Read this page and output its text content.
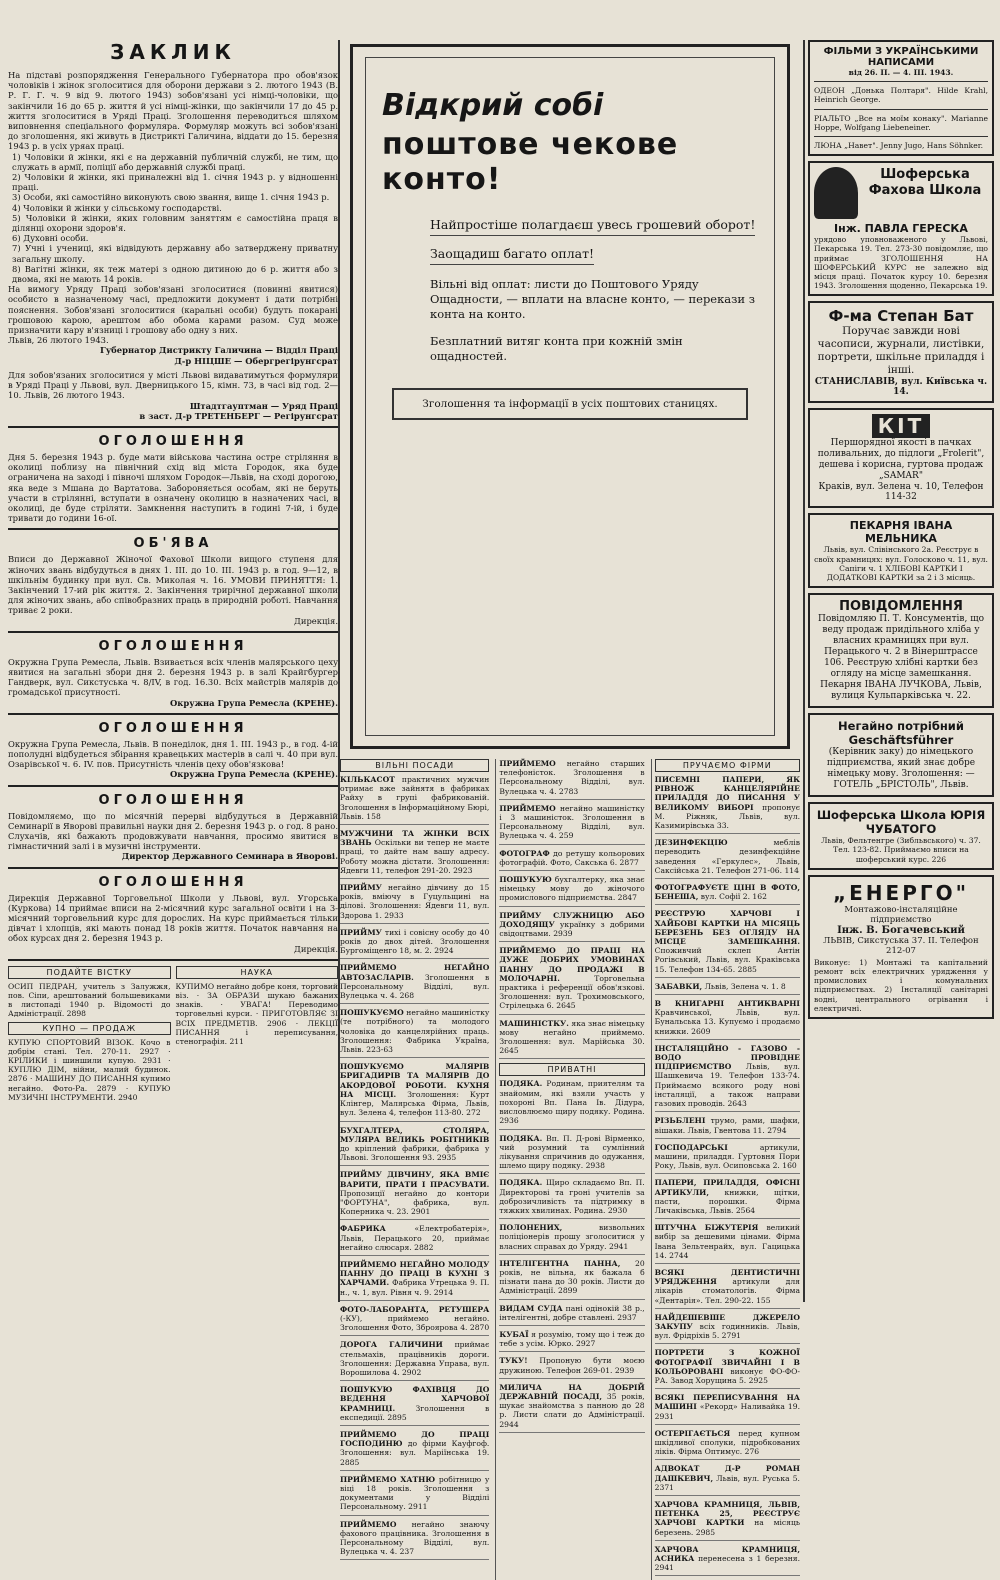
ЗАКЛИК

На підставі розпорядження Генерального Губернатора про обов'язок чоловіків і жінок зголоситися для оборони держави з 2. лютого 1943 (В. Р. Г. Г. ч. 9 від 9. лютого 1943) зобов'язані усі німці-чоловіки, що закінчили 16 до 65 р. життя й усі німці-жінки, що закінчили 17 до 45 р. життя зголоситися в Уряді Праці. Зголошення переводиться шляхом виповнення спеціального формуляра. Формуляр можуть всі зобов'язані до зголошення, які живуть в Дистрикті Галичина, віддати до 15. березня 1943 р. в усіх уряах праці.

1) Чоловіки й жінки, які є на державній публичній службі, не тим, що служать в армії, поліції або державній службі праці.

2) Чоловіки й жінки, які приналежні від 1. січня 1943 р. у відношенні праці.

3) Особи, які самостійно виконують свою звання, вище 1. січня 1943 р.

4) Чоловіки й жінки у сільському господарстві.

5) Чоловіки й жінки, яких головним заняттям є самостійна праця в ділянці охорони здоров'я.

6) Духовні особи.

7) Учні і учениці, які відвідують державну або затверджену приватну загальну школу.

8) Вагітні жінки, як теж матері з одною дитиною до 6 р. життя або з двома, які не мають 14 років.

На вимогу Уряду Праці зобов'язані зголоситися (повинні явитися) особисто в назначеному часі, предложити документ і дати потрібні пояснення. Зобов'язані зголоситися (каральні особи) будуть покарані грошовою карою, арештом або обома карами разом. Суд може призначити кару в'язниці і грошову або одну з них.

Львів, 26 лютого 1943.

Губернатор Дистрикту Галичина — Відділ Праці
Д-р НІЦШЕ — Обергрегірунгсрат

Для зобов'язаних зголоситися у місті Львові видаватимуться формуляри в Уряді Праці у Львові, вул. Дверницького 15, кімн. 73, в часі від год. 2—10. Львів, 26 лютого 1943.

Штадтгауптман — Уряд Праці
в заст. Д-р ТРЕТЕНБЕРГ — Регірунгсрат

ОГОЛОШЕННЯ

Дня 5. березня 1943 р. буде мати військова частина острe стріляння в околиці поблизу на північний схід від міста Городок, яка буде ограничена на заході і півночі шляхом Городок—Львів, на сході дорогою, яка веде з Мшана до Вартатова. Забороняється особам, які не беруть участи в стрілянні, вступати в означену околицю в назначених часі, в околиці, де буде стріляти. Замкнення наступить в годині 7-ій, і буде тривати до години 16-ої.

ОБ'ЯВА

Вписи до Державної Жіночої Фахової Школи вищого ступеня для жіночих звань відбудуться в днях 1. III. до 10. III. 1943 р. в год. 9—12, в шкільнім будинку при вул. Св. Миколая ч. 16. УМОВИ ПРИНЯТТЯ: 1. Закінчений 17-ий рік життя. 2. Закінчення трирічної державної школи для жіночих звань, або співобразних праць в природній роботі. Навчання триває 2 роки.

Дирекція.

ОГОЛОШЕННЯ

Окружна Група Ремесла, Львів. Взивається всіх членів малярського цеху явитися на загальні збори дня 2. березня 1943 р. в залі Крайгбургер Гандверк, вул. Сикстуська ч. 8/IV, в год. 16.30. Всіх майстрів малярів до громадської присутності.

Окружна Група Ремесла (КРЕНЕ).

ОГОЛОШЕННЯ

Окружна Група Ремесла, Львів. В понеділок, дня 1. III. 1943 р., в год. 4-ій пополудні відбудеться збірання кравецьких мастерів в салі ч. 40 при вул. Озарівської ч. 6. IV. пов. Присутність членів цеху обов'язкова!

Окружна Група Ремесла (КРЕНЕ).

ОГОЛОШЕННЯ

Повідомляємо, що по місячній перерві відбудуться в Державній Семинарії в Яворові правильні науки дня 2. березня 1943 р. о год. 8 рано. Слухачів, які бажають продовжувати навчання, просимо явитися в гімнастичний залі і в музичні інструменти.

Директор Державного Семинара в Яворові.

ОГОЛОШЕННЯ

Дирекція Державної Торговельної Школи у Львові, вул. Угорська (Курковa) 14 приймає вписи на 2-місячний курс загальної освіти і на 3-місячний торговельний курс для дорослих. На курс приймається тільки дівчат і хлопців, які мають понад 18 років життя. Початок навчання на обох курсах дня 2. березня 1943 р.

Дирекція.

ПОДАЙТЕ ВІСТКУ

ОСИП ПЕДРАН, учитель з Залужжя, пов. Сіпи, арештований большевиками в листопаді 1940 р. Відомості до Адміністрації. 2898

КУПНО — ПРОДАЖ

КУПУЮ СПОРТОВИЙ ВІЗОК. Кочо в добрім стані. Тел. 270-11. 2927 · КРІЛИКИ і шиншили купую. 2931 · КУПЛЮ ДІМ, війни, малий будинок. 2876 · МАШИНУ ДО ПИСАННЯ купимо негайно. Фото-Ра. 2879 · КУПУЮ МУЗИЧНІ ІНСТРУМЕНТИ. 2940

НАУКА

КУПИМО негайно добре коня, торговий віз. · ЗА ОБРАЗИ шукаю бажаних знаків. · УВАГА! Переводимо торговельні курси. · ПРИГОТОВЛЯЄ ЗІ ВСІХ ПРЕДМЕТІВ. 2906 · ЛЕКЦІЇ ПИСАННЯ і переписування, стенографія. 211

Відкрий собі
поштове чекове конто!
Найпростіше полагдаєш увесь грошевий оборот!
Заощадиш багато оплат!

Вільні від оплат: листи до Поштового Уряду Ощадности, — вплати на власне конто, — перекази з конта на конто.

Безплатний витяг конта при кожній змін ощадностей.

Зголошення та інформації в усіх поштових станицях.
ВІЛЬНІ ПОСАДИ

КІЛЬКАСОТ практичних мужчин отримає вже зайнятя в фабриках Райху в групі фабрикованій. Зголошення в Інформаційному Бюрі, Львів. 158

МУЖЧИНИ ТА ЖІНКИ ВСІХ ЗВАНЬ Оскільки ви тепер не маєте праці, то дайте нам вашу адресу. Роботу можна дістати. Зголошення: Ядевги 11, телефон 291-20. 2923

ПРИЙМУ негайно дівчину до 15 років, вміючу в Гуцульщині на ділові. Зголошення: Ядевги 11, вул. Здорова 1. 2933

ПРИЙМУ тихі і совісну особу до 40 років до двох дітей. Зголошення Бургоміщенго 18, м. 2. 2924

ПРИЙМЕМО НЕГАЙНО АВТОЗАСЛАРІВ. Зголошення в Персональному Відділі, вул. Вулецька ч. 4. 268

ПОШУКУЄМО негайно машиністку (те потрібного) та молодого чоловіка до канцелярійних праць. Зголошення: Фабрика Україна, Львів. 223-63

ПОШУКУЄМО МАЛЯРІВ БРИГАДИРІВ ТА МАЛЯРІВ ДО АКОРДОВОЇ РОБОТИ. КУХНЯ НА МІСЦІ. Зголошення: Курт Клінгер, Малярська Фірма, Львів, вул. Зелена 4, телефон 113-80. 272

БУХГАЛТЕРА, СТОЛЯРА, МУЛЯРА ВЕЛИКЬ РОБІТНИКІВ до кріплений фабрики, фабрика у Львові. Зголошення 93. 2935

ПРИЙМУ ДІВЧИНУ, ЯКА ВМІЄ ВАРИТИ, ПРАТИ І ПРАСУВАТИ. Пропозиції негайно до контори "ФОРТУНА", фабрика, вул. Коперника ч. 23. 2901

ФАБРИКА	«Електробатерія», Львів, Перацького 20, приймає негайно слюсаря. 2882

ПРИЙМЕМО НЕГАЙНО МОЛОДУ ПАННУ ДО ПРАЦІ В КУХНІ З ХАРЧАМИ. Фабрика Утрецька 9. П. н., ч. 1, вул. Рівня ч. 9. 2914

ФОТО-ЛАБОРАНТА, РЕТУШЕРА (-КУ), приймемо негайно. Зголошення Фото, Зброярова 4. 2870

ДОРОГА ГАЛИЧИНИ приймає стельмахів, працівників дороги. Зголошення: Державна Управа, вул. Ворошилова 4. 2902

ПОШУКУЮ ФАХІВЦЯ ДО ВЕДЕННЯ ХАРЧОВОЇ КРАМНИЦІ.	Зголошення в експедиції. 2895

ПРИЙМЕМО ДО ПРАЦІ ГОСПОДИНЮ до фірми Кауфгоф. Зголошення: вул. Маріїнська 19. 2885

ПРИЙМЕМО ХАТНЮ робітницю у віці 18 років. Зголошення з документами у Відділі Персональному. 2911

ПРИЙМЕМО негайно знаючу фахового працівника. Зголошення в Персональному Відділі, вул. Вулецька ч. 4. 237

ПРИЙМЕМО негайно старших телефоністок. Зголошення в Персональному Відділі, вул. Вулецька ч. 4. 2783

ПРИЙМЕМО негайно машиністку і 3 машиністок. Зголошення в Персональному Відділі, вул. Вулецька ч. 4. 259

ФОТОГРАФ до ретушу кольорових фотографій. Фото, Сакська 6. 2877

ПОШУКУЮ бухгалтерку, яка знає німецьку мову до жіночого промислового підприємства. 2847

ПРИЙМУ СЛУЖНИЦЮ АБО ДОХОДЯЩУ українку з добрими свідоцтвами. 2939

ПРИЙМЕМО ДО ПРАЦІ НА ДУЖЕ ДОБРИХ УМОВИНАХ ПАННУ ДО ПРОДАЖІ В МОЛОЧАРНІ.	Торговельна практика і референції обов'язкові. Зголошення: вул. Трохимовського, Стрілецька 6. 2645

МАШИНІСТКУ. яка знає німецьку мову негайно приймемо. Зголошення: вул. Марійська 30. 2645

ПРИВАТНІ

ПОДЯКА. Родинам, приятелям та знайомим, які взяли участь у похороні Вп. Пана Ів. Дідура, висловлюємо щиру подяку. Родина. 2936

ПОДЯКА. Вп. П. Д-рові Вірменко, чий розумний та сумлінний лікування спричинив до одужання, шлемо щиру подяку. 2938

ПОДЯКА. Щиро складаємо Вп. П. Директорові та гроні учителів за доброзичливість та підтримку в тяжких хвилинах. Родина. 2930

ПОЛОНЕНИХ,	визвольних поліціонерів прошу зголоситися у власних справах до Уряду. 2941

ІНТЕЛІГЕНТНА ПАННА, 20 років, не вільна, як бажала б пізнати пана до 30 років. Листи до Адміністрації. 2899

ВИДАМ СУДА пані одінокій 38 р., інтелігентні, добре ставлені. 2937

КУБАЇ я розумію, тому що і теж до тебе з усім. Юрко. 2927

ТУКУ! Пропоную бути моєю дружиною. Телефон 269-01. 2939

МИЛИЧА НА ДОБРІЙ ДЕРЖАВНІЙ ПОСАДІ, 35 років, шукає знайомства з панною до 28 р. Листи слати до Адміністрації. 2944

ПРУЧАЄМО ФІРМИ

ПИСЕМНІ ПАПЕРИ, ЯК РІВНОЖ КАНЦЕЛЯРІЙНЕ ПРИЛАДДЯ ДО ПИСАННЯ У ВЕЛИКОМУ ВИБОРІ пропонує М. Ріжняк, Львів, вул. Казимирівська 33.

ДЕЗИНФЕКЦІЮ	меблів переводить дезинфекційне заведення «Геркулес», Львів, Саксійська 21. Телефон 271-06. 114

ФОТОГРАФУЄТЕ ЦІНІ В ФОТО, БЕНЕША, вул. Софії 2. 162

РЕЄСТРУЮ ХАРЧОВІ І ХАЙБОВІ КАРТКИ НА МІСЯЦЬ БЕРЕЗЕНЬ БЕЗ ОГЛЯДУ НА МІСЦЕ ЗАМЕШКАННЯ. Споживчий склеп Антін Рогівський, Львів, вул. Краківська 15. Телефон 134-65. 2885

ЗАБАВКИ, Львів, Зелена ч. 1. 8

В КНИГАРНІ АНТИКВАРНІ Кравчинської, Львів, вул. Бунальська 13. Купуємо і продаємо книжки. 2609

ІНСТАЛЯЦІЙНО - ГАЗОВО - ВОДО ПРОВІДНЕ ПІДПРИЄМСТВО Львів, вул. Шашкевича 19. Телефон 133-74. Приймаємо всякого роду нові інсталяції, а також направи газових проводів. 2643

РІЗЬБЛЕНІ трумо, рами, шафки, вішаки. Львів, Гвентова 11. 2794

ГОСПОДАРСЬКІ	артикули, машини, приладдя. Гуртовня Пори Року, Львів, вул. Осиповська 2. 160

ПАПЕРИ, ПРИЛАДДЯ, ОФІСНІ АРТИКУЛИ, книжки, щітки, пасти, порошки. Фірма Личаківська, Львів. 2564

ШТУЧНА БІЖУТЕРІЯ великий вибір за дешевими цінами. Фірма Івана Зельтенрайх, вул. Гацицька 14. 2744

ВСЯКІ ДЕНТИСТИЧНІ УРЯДЖЕННЯ артикули для лікарів стоматологів. Фірма «Дентарія». Тел. 290-22. 155

НАЙДЕШЕВШЕ ДЖЕРЕЛО ЗАКУПУ всіх годинників. Львів, вул. Фрідріхів 5. 2791

ПОРТРЕТИ З КОЖНОЇ ФОТОГРАФІЇ ЗВИЧАЙНІ І В КОЛЬОРОВАНІ виконує ФО-ФО-РА. Завод Хорущина 5. 2925

ВСЯКІ ПЕРЕПИСУВАННЯ НА МАШИНІ «Рекорд» Наливайка 19. 2931

ОСТЕРІГАЄТЬСЯ перед купном шкідливої сполуки, підробкованих ліків. Фірма Оптимус. 276

АДВОКАТ Д-Р РОМАН ДАШКЕВИЧ, Львів, вул. Руська 5. 2371

ХАРЧОВА КРАМНИЦЯ, ЛЬВІВ, ПЕТЕНКА 25, РЕЄСТРУЄ ХАРЧОВІ КАРТКИ на місяць березень. 2985

ХАРЧОВА КРАМНИЦЯ, АСНИКА перенесена з 1 березня. 2941

ФІЛЬМИ З УКРАЇНСЬКИМИ НАПИСАМИ
від 26. II. — 4. III. 1943.

ОДЕОН „Донька Полтаря". Hilde Krahl, Heinrich George.

РІАЛЬТО „Все на моїм конаку". Marianne Hoppe, Wolfgang Liebeneiner.

ЛЮНА „Навет". Jenny Jugo, Hans Söhnker.

Шоферська Фахова Школа
Інж. ПАВЛА ГЕРЕСКА

урядово уповноваженого у Львові, Пекарська 19. Тел. 273-30 повідомляє, що приймає ЗГОЛОШЕННЯ НА ШОФЕРСЬКИЙ КУРС не залежно від місця праці. Початок курсу 10. березня 1943. Зголошення щоденно, Пекарська 19.

Ф-ма Степан Бат

Поручає завжди нові часописи, журнали, листівки, портрети, шкільне приладдя і інші.

СТАНИСЛАВІВ, вул. Київська ч. 14.

КІТ

Першорядної якості в пачках поливальних, до підлоги „Frolerit", дешева і корисна, гуртова продаж „SAMAR"

Краків, вул. Зелена ч. 10, Телефон 114-32

ПЕКАРНЯ ІВАНА МЕЛЬНИКА

Львів, вул. Слівінського 2а. Реєструє в своїх крамницях: вул. Голосково ч. 11, вул. Сапіги ч. 1 ХЛІБОВІ КАРТКИ І ДОДАТКОВІ КАРТКИ за 2 і 3 місяць.

ПОВІДОМЛЕННЯ

Повідомляю П. Т. Консументів, що веду продаж придільного хліба у власних крамницях при вул. Перацького ч. 2 в Вінерштрассе 106. Реєструю хлібні картки без огляду на місце замешкання. Пекарня ІВАНА ЛУЧКОВА, Львів, вулиця Кульпарківська ч. 22.

Негайно потрібний Geschäftsführer

(Керівник заку) до німецького підприємства, який знає добре німецьку мову. Зголошення: — ГОТЕЛЬ „БРІСТОЛЬ", Львів.

Шоферська Школа ЮРІЯ ЧУБАТОГО

Львів, Фельтенгре (Зибльвського) ч. 37. Тел. 123-82. Приймаємо вписи на шоферський курс. 226

„ЕНЕРГО"

Монтажово-інсталяційне підприємство

Інж. В. Богачевський

ЛЬВІВ, Сикстуська 37. II. Телефон 212-07

Виконує: 1) Монтажі та капітальний ремонт всіх електричних урядження у промислових і комунальних підприємствах. 2) Інсталяції санітарні водні, центрального огрівання і електричні.
